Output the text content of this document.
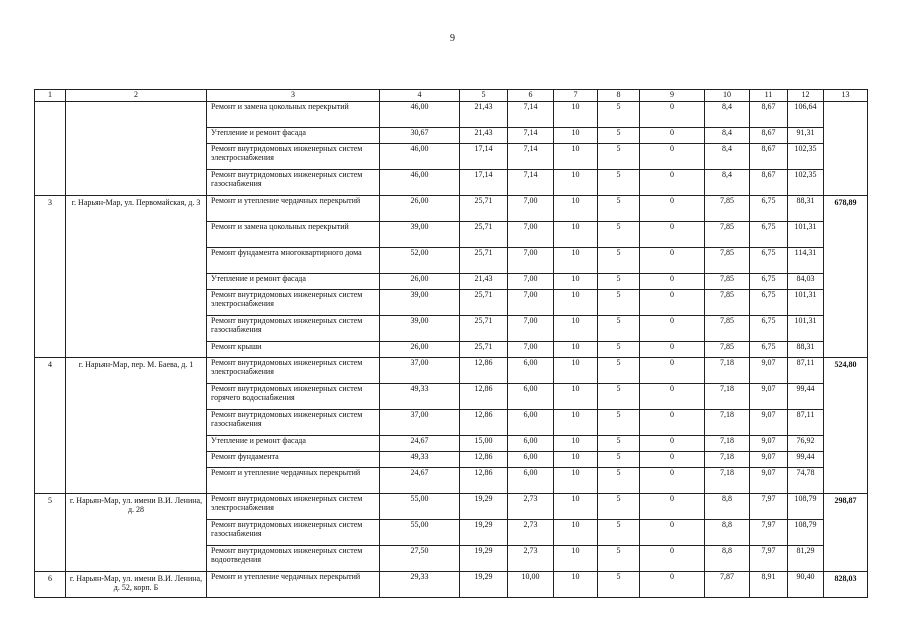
9
1	2	3	4	5	6	7	8	9	10	11	12	13
		Ремонт и замена цокольных перекрытий	46,00	21,43	7,14	10	5	0	8,4	8,67	106,64	
		Утепление и ремонт фасада	30,67	21,43	7,14	10	5	0	8,4	8,67	91,31	
		Ремонт внутридомовых инженерных систем электроснабжения	46,00	17,14	7,14	10	5	0	8,4	8,67	102,35	
		Ремонт внутридомовых инженерных систем газоснабжения	46,00	17,14	7,14	10	5	0	8,4	8,67	102,35	
3	г. Нарьян-Мар, ул. Первомайская, д. 3	Ремонт и утепление чердачных перекрытий	26,00	25,71	7,00	10	5	0	7,85	6,75	88,31	678,89
		Ремонт и замена цокольных перекрытий	39,00	25,71	7,00	10	5	0	7,85	6,75	101,31	
		Ремонт фундамента многоквартирного дома	52,00	25,71	7,00	10	5	0	7,85	6,75	114,31	
		Утепление и ремонт фасада	26,00	21,43	7,00	10	5	0	7,85	6,75	84,03	
		Ремонт внутридомовых инженерных систем электроснабжения	39,00	25,71	7,00	10	5	0	7,85	6,75	101,31	
		Ремонт внутридомовых инженерных систем газоснабжения	39,00	25,71	7,00	10	5	0	7,85	6,75	101,31	
		Ремонт крыши	26,00	25,71	7,00	10	5	0	7,85	6,75	88,31	
4	г. Нарьян-Мар, пер. М. Баева, д. 1	Ремонт внутридомовых инженерных систем электроснабжения	37,00	12,86	6,00	10	5	0	7,18	9,07	87,11	524,80
		Ремонт внутридомовых инженерных систем горячего водоснабжения	49,33	12,86	6,00	10	5	0	7,18	9,07	99,44	
		Ремонт внутридомовых инженерных систем газоснабжения	37,00	12,86	6,00	10	5	0	7,18	9,07	87,11	
		Утепление и ремонт фасада	24,67	15,00	6,00	10	5	0	7,18	9,07	76,92	
		Ремонт фундамента	49,33	12,86	6,00	10	5	0	7,18	9,07	99,44	
		Ремонт и утепление чердачных перекрытий	24,67	12,86	6,00	10	5	0	7,18	9,07	74,78	
5	г. Нарьян-Мар, ул. имени В.И. Ленина, д. 28	Ремонт внутридомовых инженерных систем электроснабжения	55,00	19,29	2,73	10	5	0	8,8	7,97	108,79	298,87
		Ремонт внутридомовых инженерных систем газоснабжения	55,00	19,29	2,73	10	5	0	8,8	7,97	108,79	
		Ремонт внутридомовых инженерных систем водоотведения	27,50	19,29	2,73	10	5	0	8,8	7,97	81,29	
6	г. Нарьян-Мар, ул. имени В.И. Ленина, д. 52, корп. Б	Ремонт и утепление чердачных перекрытий	29,33	19,29	10,00	10	5	0	7,87	8,91	90,40	828,03
